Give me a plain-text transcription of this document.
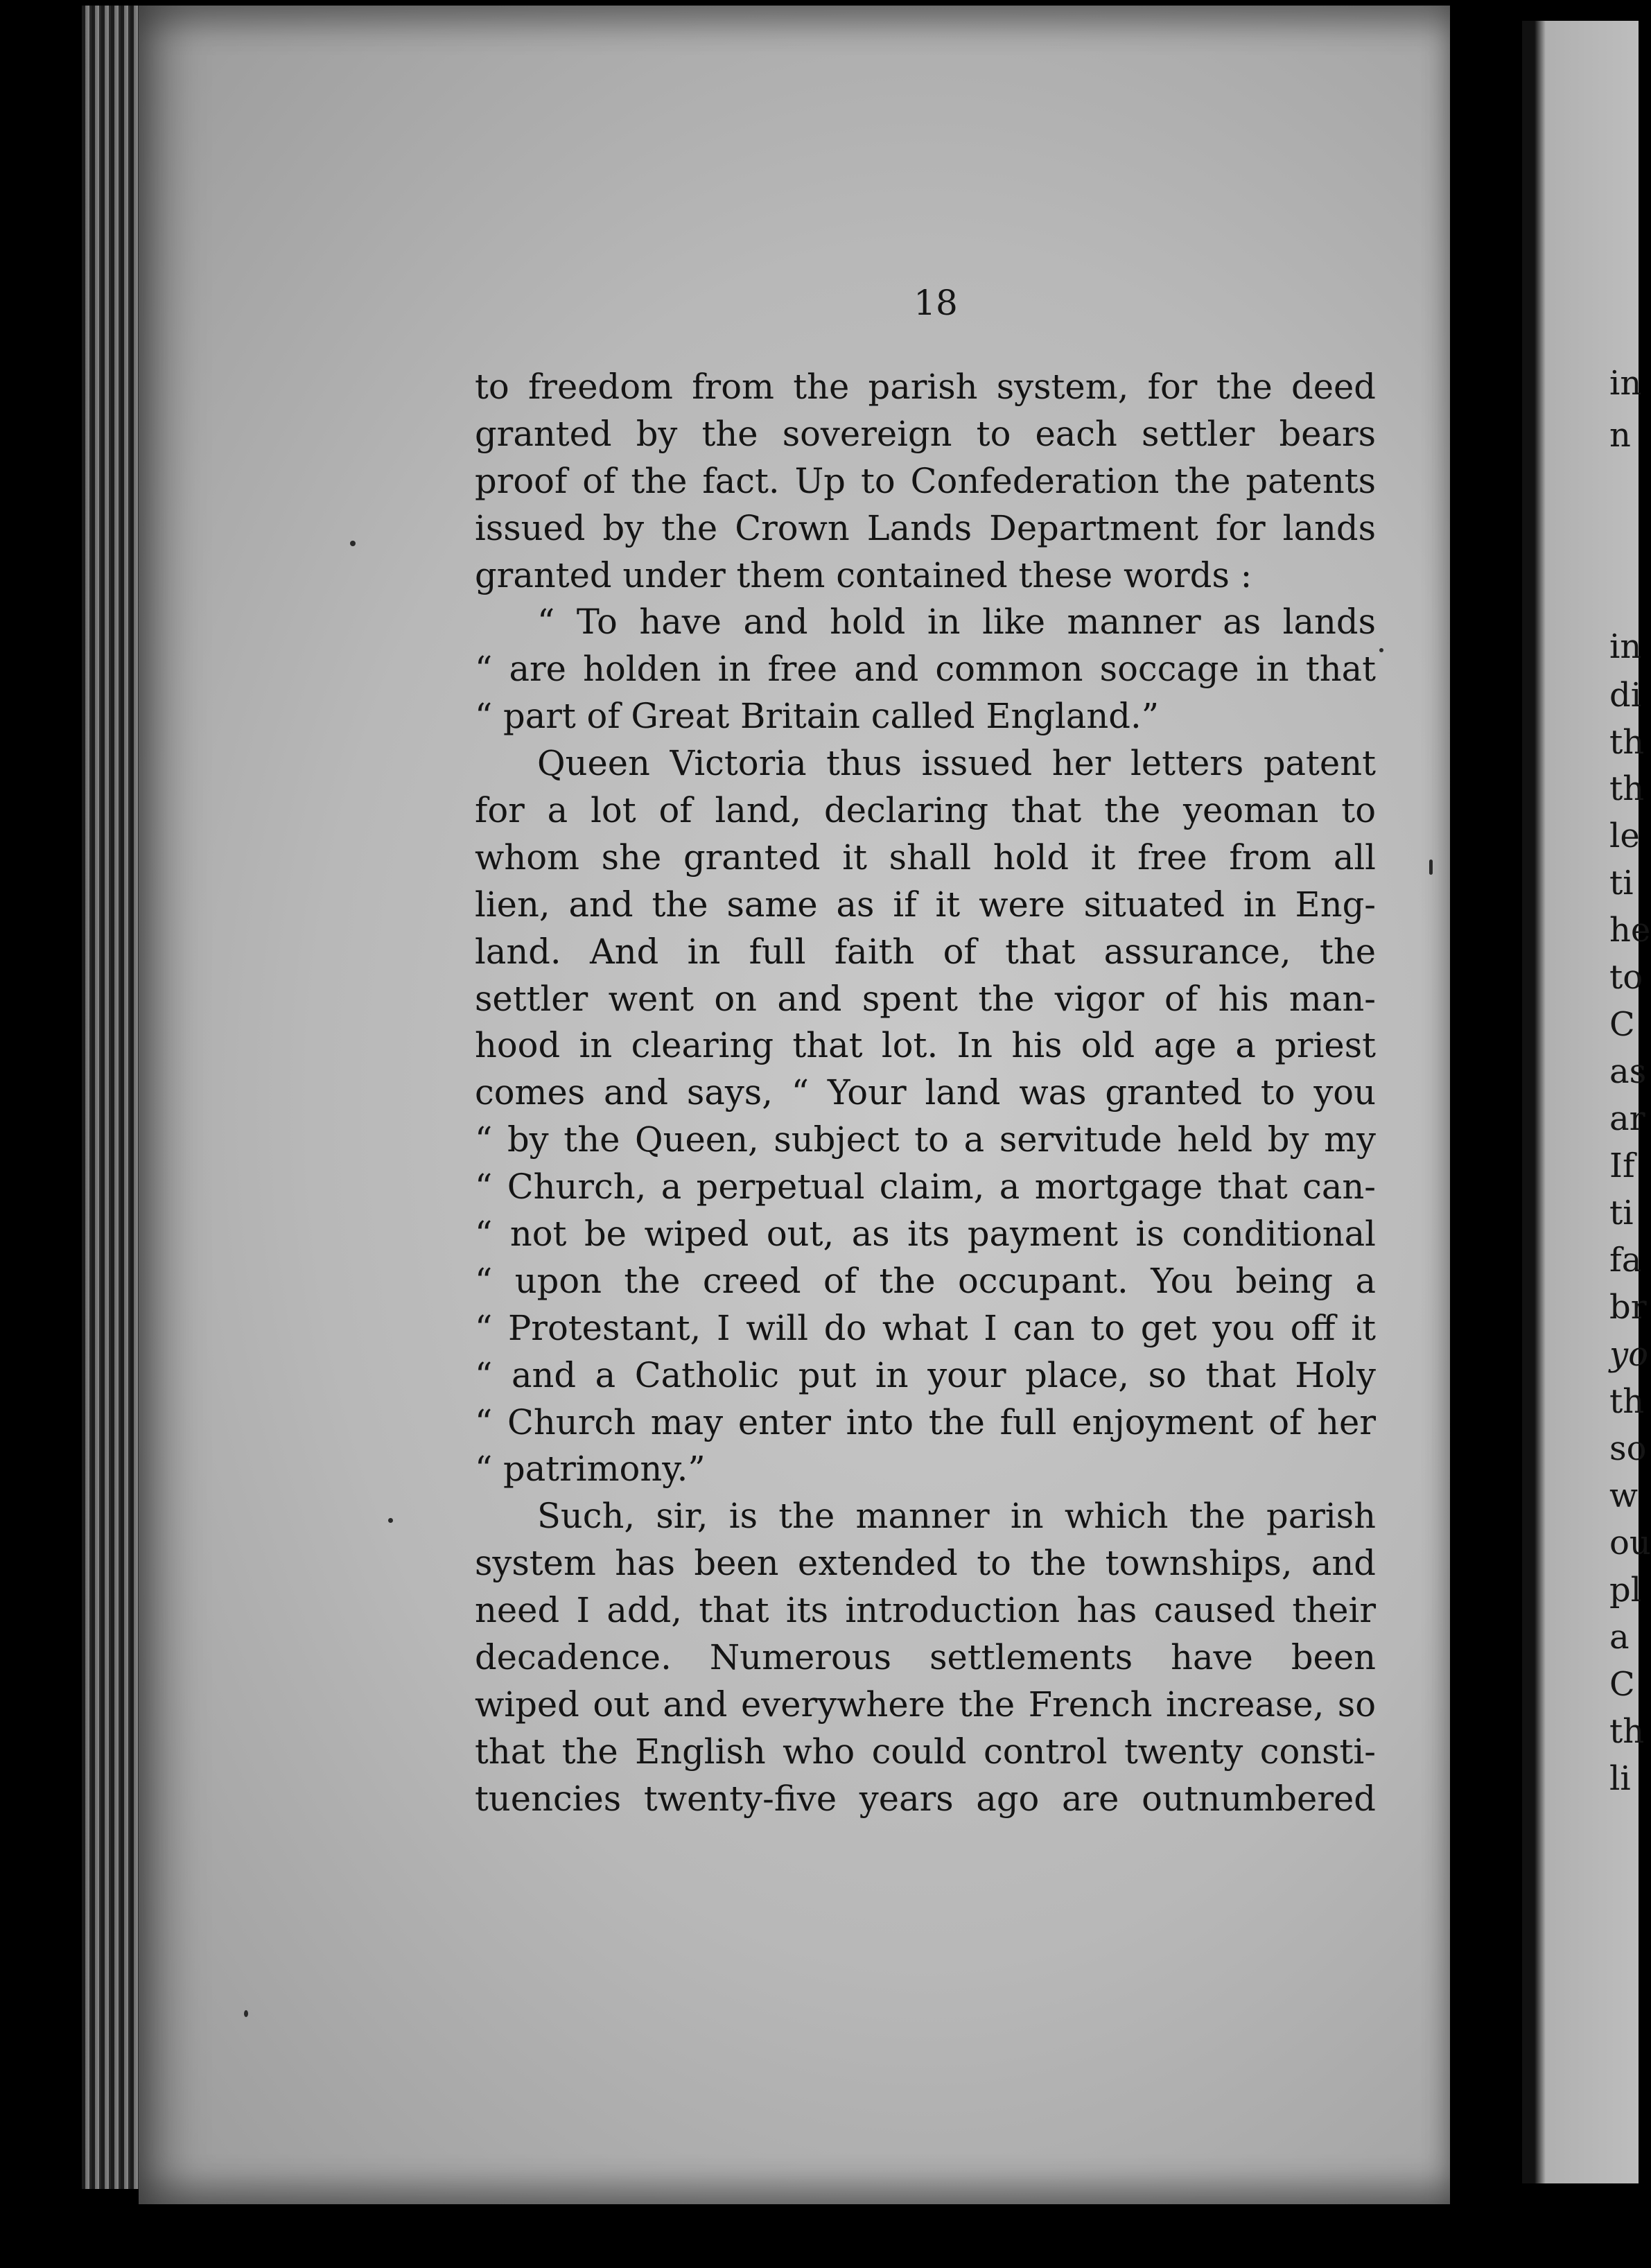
18
to freedom from the parish system, for the deed
granted by the sovereign to each settler bears
proof of the fact. Up to Confederation the patents
issued by the Crown Lands Department for lands
granted under them contained these words :
“ To have and hold in like manner as lands
“ are holden in free and common soccage in that
“ part of Great Britain called England.”
Queen Victoria thus issued her letters patent
for a lot of land, declaring that the yeoman to
whom she granted it shall hold it free from all
lien, and the same as if it were situated in Eng-
land. And in full faith of that assurance, the
settler went on and spent the vigor of his man-
hood in clearing that lot. In his old age a priest
comes and says, “ Your land was granted to you
“ by the Queen, subject to a servitude held by my
“ Church, a perpetual claim, a mortgage that can-
“ not be wiped out, as its payment is conditional
“ upon the creed of the occupant. You being a
“ Protestant, I will do what I can to get you off it
“ and a Catholic put in your place, so that Holy
“ Church may enter into the full enjoyment of her
“ patrimony.”
Such, sir, is the manner in which the parish
system has been extended to the townships, and
need I add, that its introduction has caused their
decadence. Numerous settlements have been
wiped out and everywhere the French increase, so
that the English who could control twenty consti-
tuencies twenty-five years ago are outnumbered
in
n
in
di
th
th
le
ti
he
to
C
as
ar
If
ti
fa
br
yo
th
so
w
ou
pl
a
C
th
li
